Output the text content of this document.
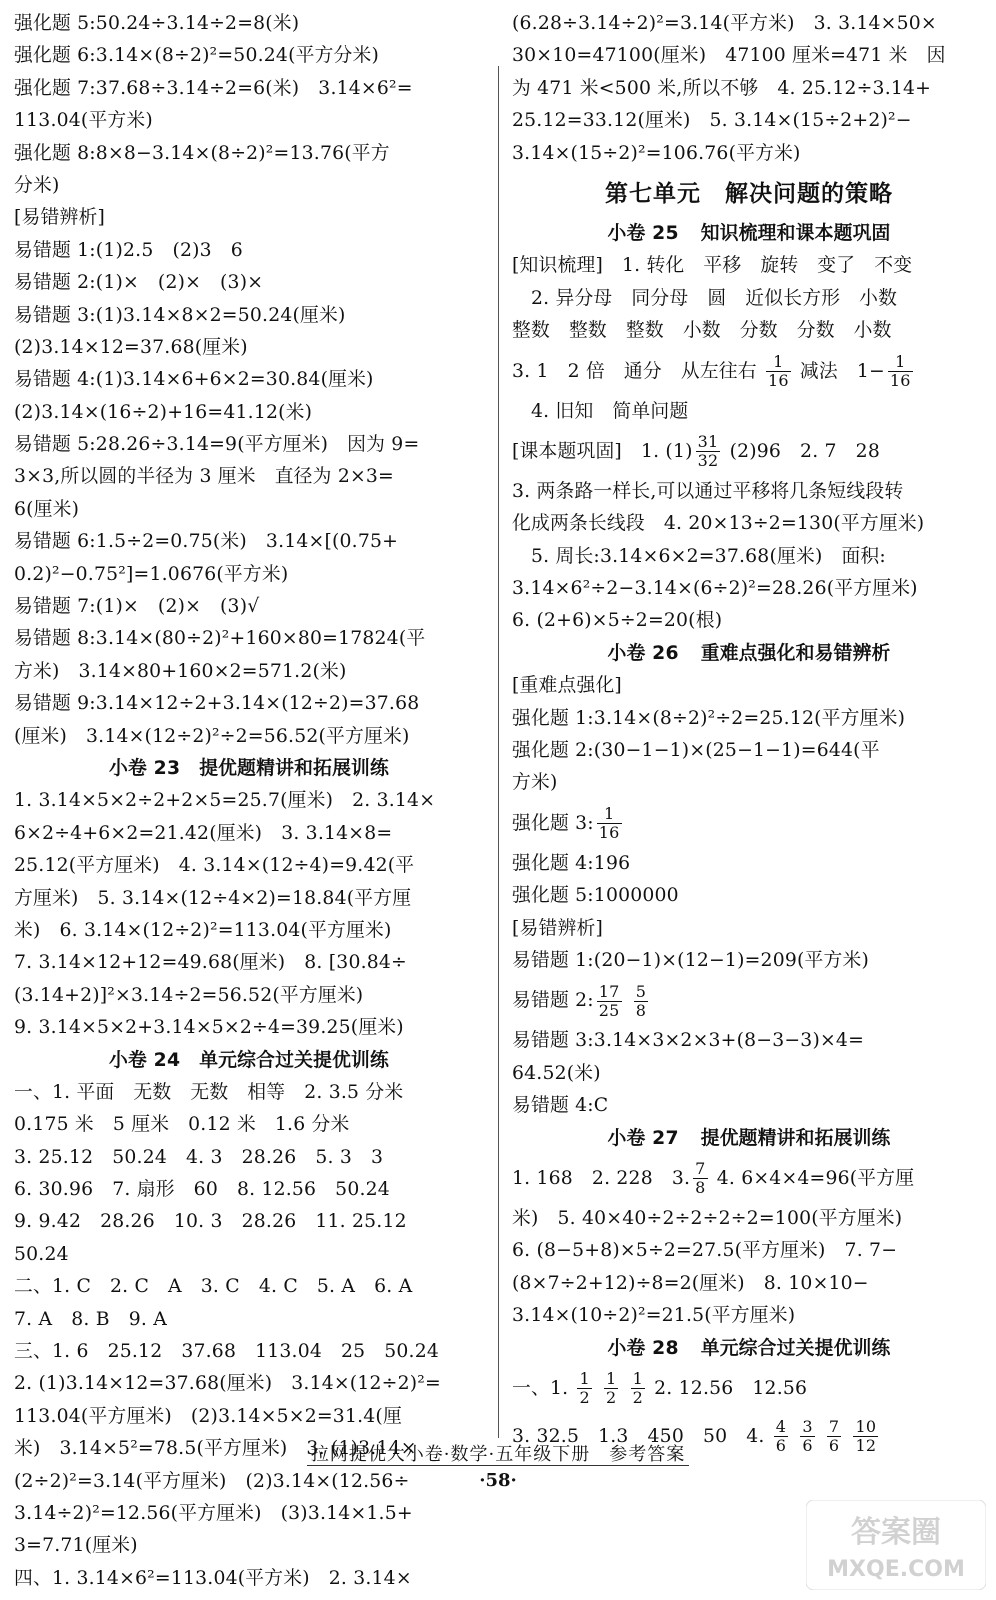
强化题 5:50.24÷3.14÷2=8(米)
强化题 6:3.14×(8÷2)²=50.24(平方分米)
强化题 7:37.68÷3.14÷2=6(米)　3.14×6²=
113.04(平方米)
强化题 8:8×8−3.14×(8÷2)²=13.76(平方
分米)
[易错辨析]
易错题 1:(1)2.5　(2)3　6
易错题 2:(1)×　(2)×　(3)×
易错题 3:(1)3.14×8×2=50.24(厘米)
(2)3.14×12=37.68(厘米)
易错题 4:(1)3.14×6+6×2=30.84(厘米)
(2)3.14×(16÷2)+16=41.12(米)
易错题 5:28.26÷3.14=9(平方厘米)　因为 9=
3×3,所以圆的半径为 3 厘米　直径为 2×3=
6(厘米)
易错题 6:1.5÷2=0.75(米)　3.14×[(0.75+
0.2)²−0.75²]=1.0676(平方米)
易错题 7:(1)×　(2)×　(3)√
易错题 8:3.14×(80÷2)²+160×80=17824(平
方米)　3.14×80+160×2=571.2(米)
易错题 9:3.14×12÷2+3.14×(12÷2)=37.68
(厘米)　3.14×(12÷2)²÷2=56.52(平方厘米)
小卷 23　提优题精讲和拓展训练
1. 3.14×5×2÷2+2×5=25.7(厘米)　2. 3.14×
6×2÷4+6×2=21.42(厘米)　3. 3.14×8=
25.12(平方厘米)　4. 3.14×(12÷4)=9.42(平
方厘米)　5. 3.14×(12÷4×2)=18.84(平方厘
米)　6. 3.14×(12÷2)²=113.04(平方厘米)
7. 3.14×12+12=49.68(厘米)　8. [30.84÷
(3.14+2)]²×3.14÷2=56.52(平方厘米)
9. 3.14×5×2+3.14×5×2÷4=39.25(厘米)
小卷 24　单元综合过关提优训练
一、1. 平面　无数　无数　相等　2. 3.5 分米
0.175 米　5 厘米　0.12 米　1.6 分米
3. 25.12　50.24　4. 3　28.26　5. 3　3
6. 30.96　7. 扇形　60　8. 12.56　50.24
9. 9.42　28.26　10. 3　28.26　11. 25.12
50.24
二、1. C　2. C　A　3. C　4. C　5. A　6. A
7. A　8. B　9. A
三、1. 6　25.12　37.68　113.04　25　50.24
2. (1)3.14×12=37.68(厘米)　3.14×(12÷2)²=
113.04(平方厘米)　(2)3.14×5×2=31.4(厘
米)　3.14×5²=78.5(平方厘米)　3. (1)3.14×
(2÷2)²=3.14(平方厘米)　(2)3.14×(12.56÷
3.14÷2)²=12.56(平方厘米)　(3)3.14×1.5+
3=7.71(厘米)
四、1. 3.14×6²=113.04(平方米)　2. 3.14×
(6.28÷3.14÷2)²=3.14(平方米)　3. 3.14×50×
30×10=47100(厘米)　47100 厘米=471 米　因
为 471 米<500 米,所以不够　4. 25.12÷3.14+
25.12=33.12(厘米)　5. 3.14×(15÷2+2)²−
3.14×(15÷2)²=106.76(平方米)
第七单元　解决问题的策略
小卷 25 知识梳理和课本题巩固
[知识梳理]　1. 转化　平移　旋转　变了　不变
　2. 异分母　同分母　圆　近似长方形　小数
整数　整数　整数　小数　分数　分数　小数
3. 1　2 倍　通分　从左往右 $\frac{1}{16}$ 减法　$1- \frac{1}{16}$
　4. 旧知　简单问题
[课本题巩固]　1. $(1) \frac{31}{32} (2)96$　2. 7　28
3. 两条路一样长,可以通过平移将几条短线段转
化成两条长线段　4. 20×13÷2=130(平方厘米)
　5. 周长:3.14×6×2=37.68(厘米)　面积:
3.14×6²÷2−3.14×(6÷2)²=28.26(平方厘米)
6. (2+6)×5÷2=20(根)
小卷 26 重难点强化和易错辨析
[重难点强化]
强化题 1:3.14×(8÷2)²÷2=25.12(平方厘米)
强化题 2:(30−1−1)×(25−1−1)=644(平
方米)
强化题 3: $\frac{1}{16}$
强化题 4:196
强化题 5:1000000
[易错辨析]
易错题 1:(20−1)×(12−1)=209(平方米)
易错题 2: $\frac{17}{25}$
$\frac{5}{8}$
易错题 3:3.14×3×2×3+(8−3−3)×4=
64.52(米)
易错题 4:C
小卷 27 提优题精讲和拓展训练
1. 168　2. 228　3. $\frac{7}{8} 4$. 6×4×4=96(平方厘
米)　5. 40×40÷2÷2÷2÷2=100(平方厘米)
6. (8−5+8)×5÷2=27.5(平方厘米)　7. 7−
(8×7÷2+12)÷8=2(厘米)　8. 10×10−
3.14×(10÷2)²=21.5(平方厘米)
小卷 28 单元综合过关提优训练
一、1. $\frac{1}{2}$
$\frac{1}{2}$
$\frac{1}{2} 2$. 12.56　12.56
3. 32.5　1.3　450　50　4. $\frac{4}{6}$
$\frac{3}{6}$
$\frac{7}{6}$
$\frac{10}{12}$
拉网提优大小卷·数学·五年级下册　参考答案
·58·
答案圈
MXQE.COM
